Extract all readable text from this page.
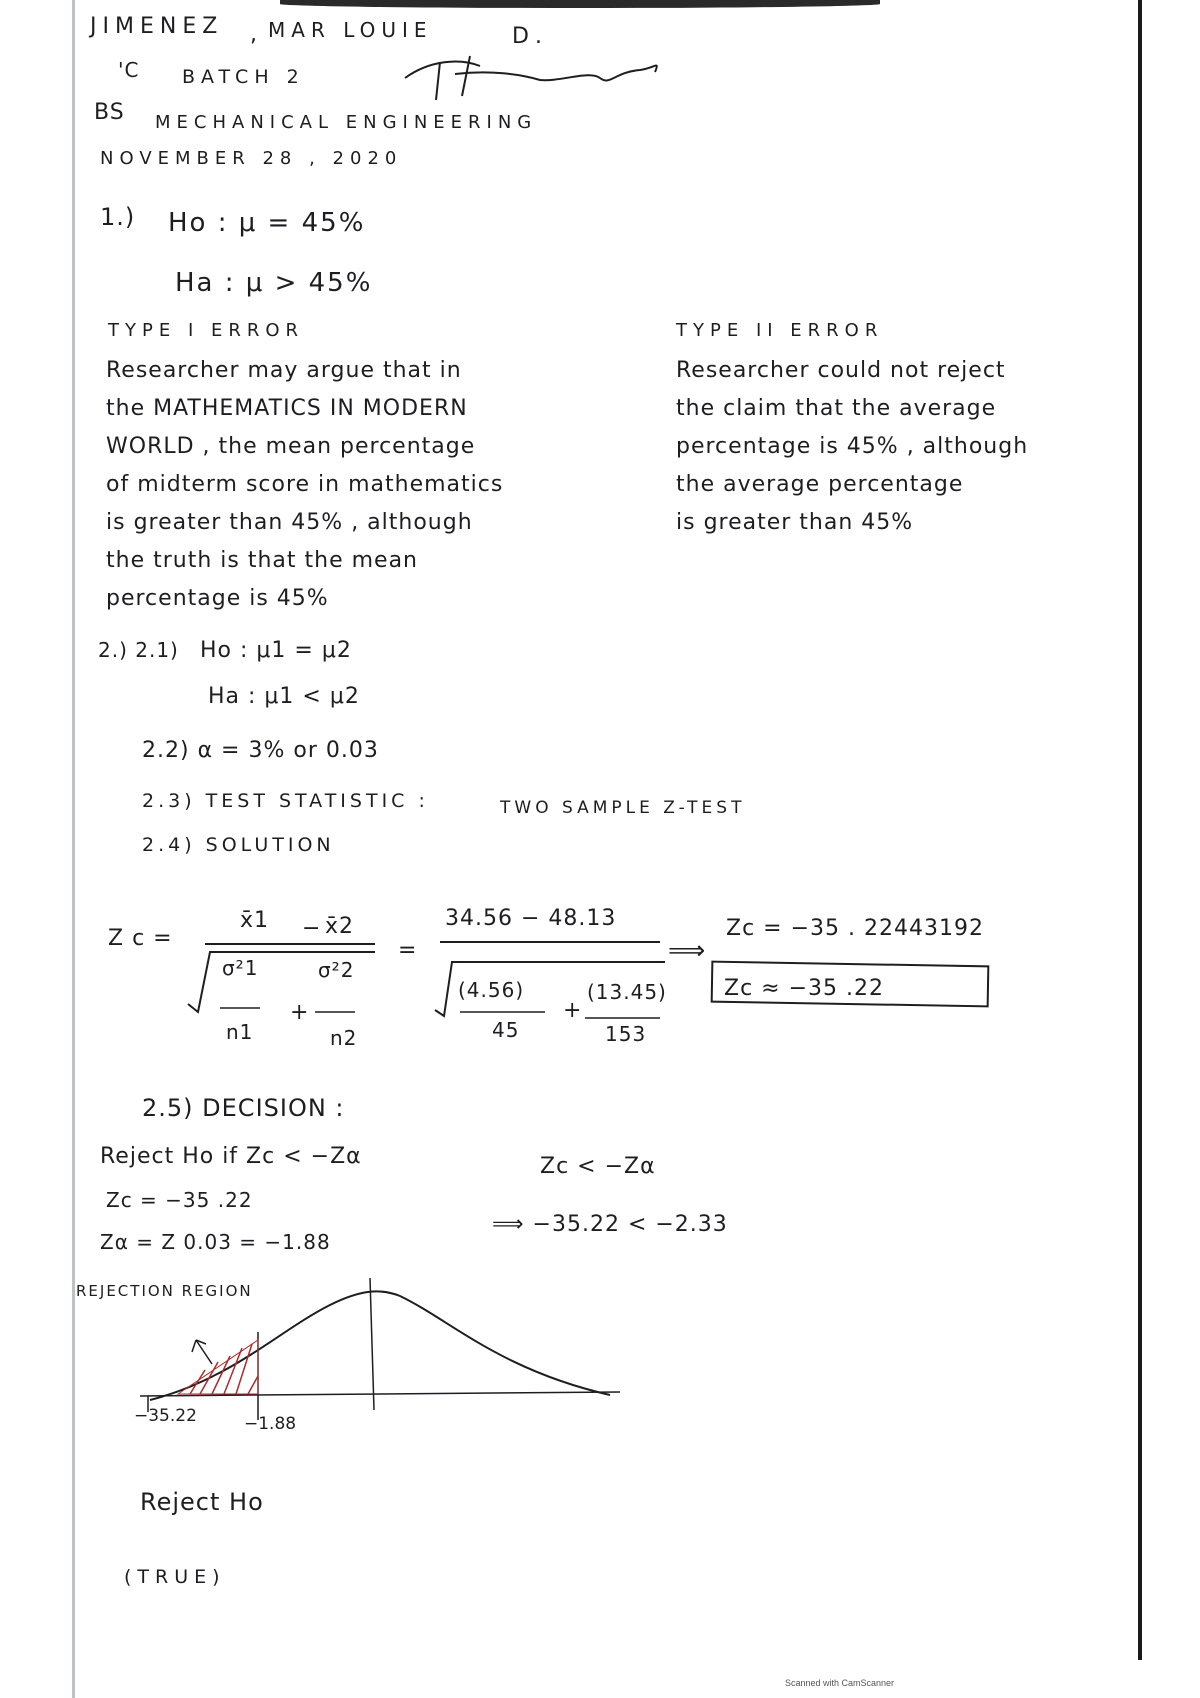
JIMENEZ , MAR LOUIE	D.
'C BATCH 2
BS MECHANICAL ENGINEERING
NOVEMBER 28 , 2020
1.) Ho : μ = 45%
Ha : μ > 45%
TYPE I ERROR
Researcher may argue that in
the MATHEMATICS IN MODERN
WORLD , the mean percentage
of midterm score in mathematics
is greater than 45% , although
the truth is that the mean
percentage is 45%
TYPE II ERROR
Researcher could not reject
the claim that the average
percentage is 45% , although
the average percentage
is greater than 45%
2.) 2.1) Ho : μ1 = μ2
Ha : μ1 < μ2
2.2) α = 3% or 0.03
2.3) TEST STATISTIC :	TWO SAMPLE Z-TEST
2.4) SOLUTION
Z c =
x̄1 − x̄2
σ²1
n1
+
σ²2
n2
=
34.56 − 48.13
(4.56)
45
+
(13.45)
153
⟹
Zc = −35 . 22443192
Zc ≈ −35 .22
2.5) DECISION :
Reject Ho if Zc < −Zα	Zc < −Zα
Zc = −35 .22
Zα = Z 0.03 = −1.88
⟹ −35.22 < −2.33
REJECTION REGION
−35.22	−1.88
Reject Ho
(TRUE)
Scanned with CamScanner
